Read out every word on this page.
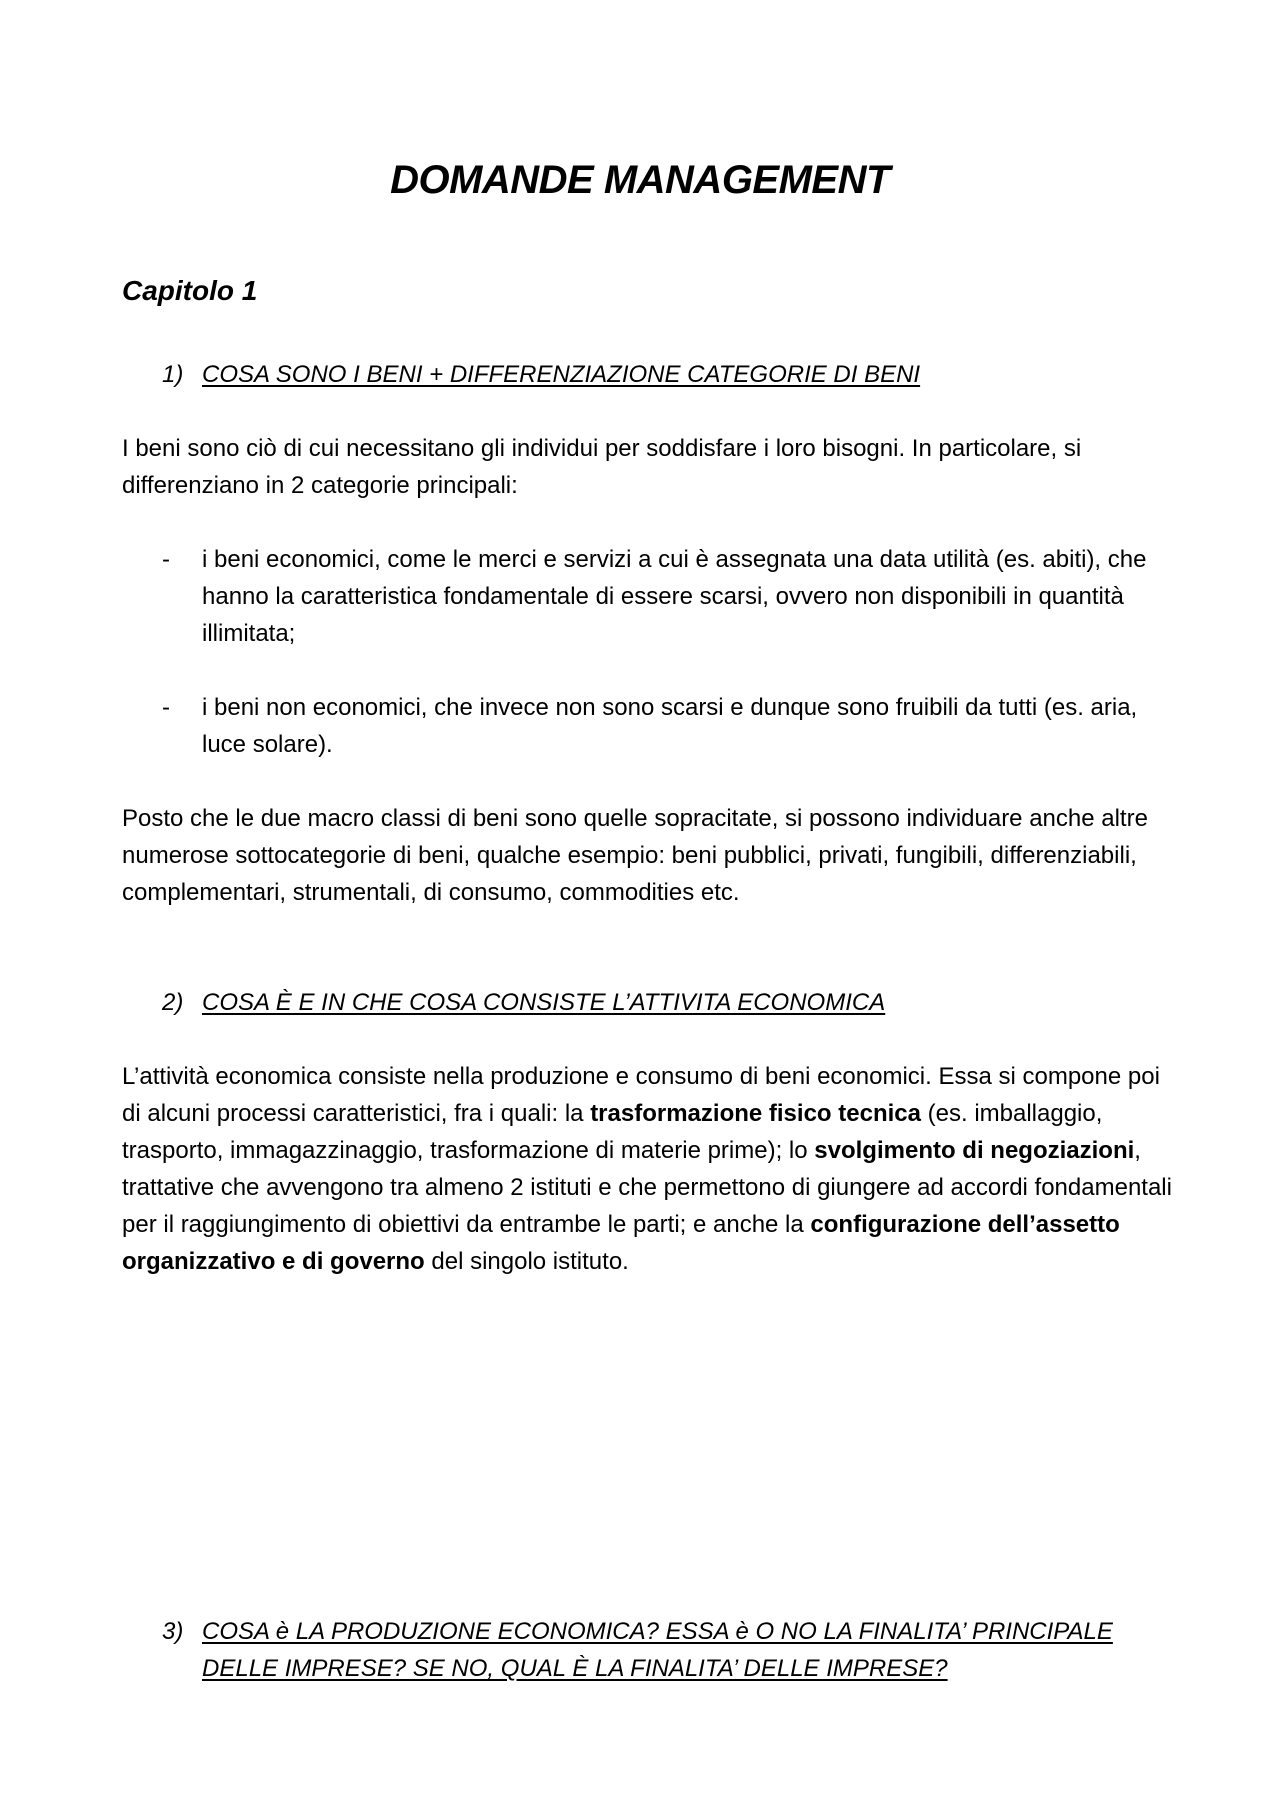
DOMANDE MANAGEMENT
Capitolo 1
1) COSA SONO I BENI + DIFFERENZIAZIONE CATEGORIE DI BENI
I beni sono ciò di cui necessitano gli individui per soddisfare i loro bisogni. In particolare, si differenziano in 2 categorie principali:
- i beni economici, come le merci e servizi a cui è assegnata una data utilità (es. abiti), che hanno la caratteristica fondamentale di essere scarsi, ovvero non disponibili in quantità illimitata;
- i beni non economici, che invece non sono scarsi e dunque sono fruibili da tutti (es. aria, luce solare).
Posto che le due macro classi di beni sono quelle sopracitate, si possono individuare anche altre numerose sottocategorie di beni, qualche esempio: beni pubblici, privati, fungibili, differenziabili, complementari, strumentali, di consumo, commodities etc.
2) COSA È E IN CHE COSA CONSISTE L’ATTIVITA ECONOMICA
L’attività economica consiste nella produzione e consumo di beni economici. Essa si compone poi di alcuni processi caratteristici, fra i quali: la trasformazione fisico tecnica (es. imballaggio, trasporto, immagazzinaggio, trasformazione di materie prime); lo svolgimento di negoziazioni, trattative che avvengono tra almeno 2 istituti e che permettono di giungere ad accordi fondamentali per il raggiungimento di obiettivi da entrambe le parti; e anche la configurazione dell’assetto organizzativo e di governo del singolo istituto.
3) COSA è LA PRODUZIONE ECONOMICA? ESSA è O NO LA FINALITA’ PRINCIPALE DELLE IMPRESE? SE NO, QUAL È LA FINALITA’ DELLE IMPRESE?
